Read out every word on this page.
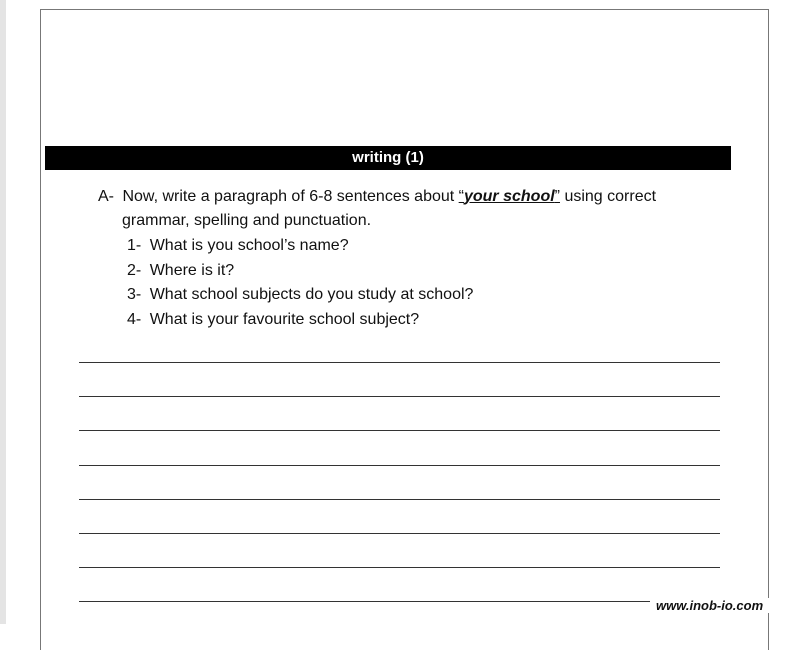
writing (1)
A- Now, write a paragraph of 6-8 sentences about “your school” using correct
grammar, spelling and punctuation.
1- What is you school’s name?
2- Where is it?
3- What school subjects do you study at school?
4- What is your favourite school subject?
www.inob-io.com
